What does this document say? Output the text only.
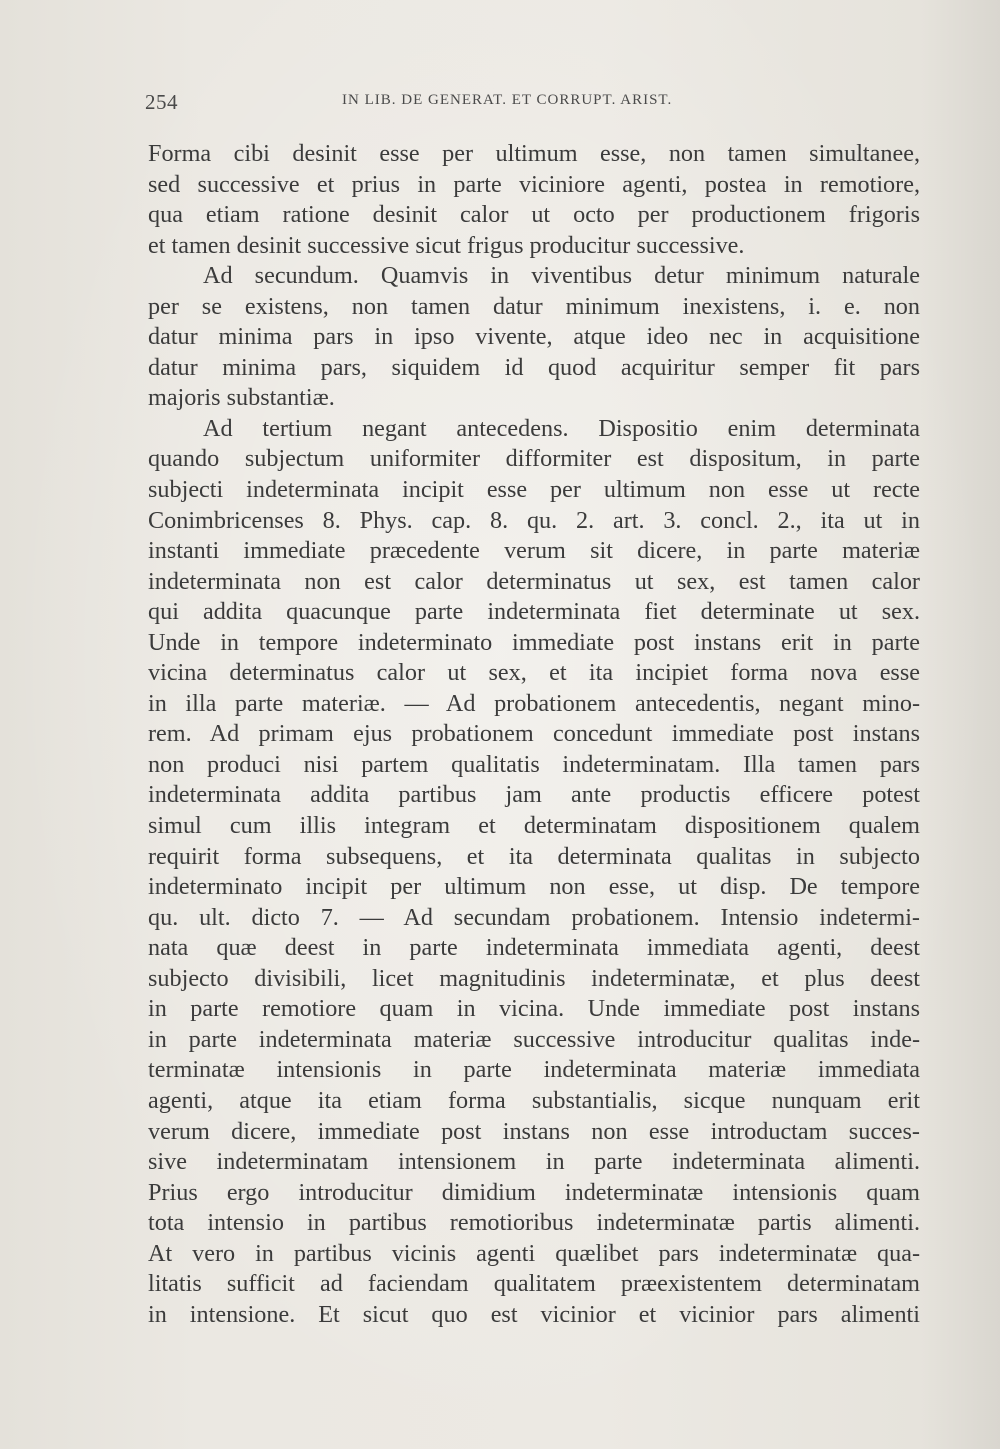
254	IN LIB. DE GENERAT. ET CORRUPT. ARIST.
Forma cibi desinit esse per ultimum esse, non tamen simultanee,
sed successive et prius in parte viciniore agenti, postea in remotiore,
qua etiam ratione desinit calor ut octo per productionem frigoris
et tamen desinit successive sicut frigus producitur successive.
Ad secundum. Quamvis in viventibus detur minimum naturale
per se existens, non tamen datur minimum inexistens, i. e. non
datur minima pars in ipso vivente, atque ideo nec in acquisitione
datur minima pars, siquidem id quod acquiritur semper fit pars
majoris substantiæ.
Ad tertium negant antecedens. Dispositio enim determinata
quando subjectum uniformiter difformiter est dispositum, in parte
subjecti indeterminata incipit esse per ultimum non esse ut recte
Conimbricenses 8. Phys. cap. 8. qu. 2. art. 3. concl. 2., ita ut in
instanti immediate præcedente verum sit dicere, in parte materiæ
indeterminata non est calor determinatus ut sex, est tamen calor
qui addita quacunque parte indeterminata fiet determinate ut sex.
Unde in tempore indeterminato immediate post instans erit in parte
vicina determinatus calor ut sex, et ita incipiet forma nova esse
in illa parte materiæ. — Ad probationem antecedentis, negant mino-
rem. Ad primam ejus probationem concedunt immediate post instans
non produci nisi partem qualitatis indeterminatam. Illa tamen pars
indeterminata addita partibus jam ante productis efficere potest
simul cum illis integram et determinatam dispositionem qualem
requirit forma subsequens, et ita determinata qualitas in subjecto
indeterminato incipit per ultimum non esse, ut disp. De tempore
qu. ult. dicto 7. — Ad secundam probationem. Intensio indetermi-
nata quæ deest in parte indeterminata immediata agenti, deest
subjecto divisibili, licet magnitudinis indeterminatæ, et plus deest
in parte remotiore quam in vicina. Unde immediate post instans
in parte indeterminata materiæ successive introducitur qualitas inde-
terminatæ intensionis in parte indeterminata materiæ immediata
agenti, atque ita etiam forma substantialis, sicque nunquam erit
verum dicere, immediate post instans non esse introductam succes-
sive indeterminatam intensionem in parte indeterminata alimenti.
Prius ergo introducitur dimidium indeterminatæ intensionis quam
tota intensio in partibus remotioribus indeterminatæ partis alimenti.
At vero in partibus vicinis agenti quælibet pars indeterminatæ qua-
litatis sufficit ad faciendam qualitatem præexistentem determinatam
in intensione. Et sicut quo est vicinior et vicinior pars alimenti
